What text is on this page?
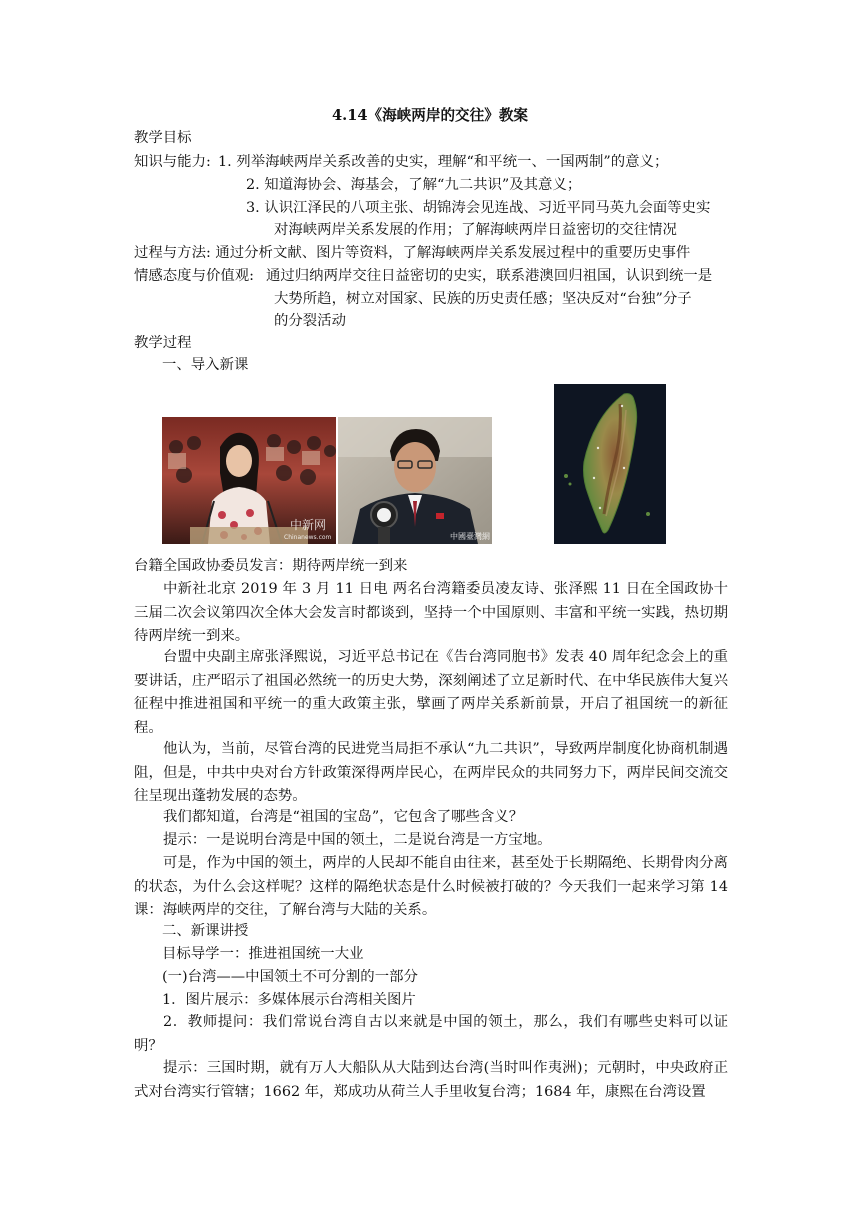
4.14《海峡两岸的交往》教案
教学目标
知识与能力: 1. 列举海峡两岸关系改善的史实，理解“和平统一、一国两制”的意义；
2. 知道海协会、海基会，了解“九二共识”及其意义；
3. 认识江泽民的八项主张、胡锦涛会见连战、习近平同马英九会面等史实
对海峡两岸关系发展的作用；了解海峡两岸日益密切的交往情况
过程与方法: 通过分析文献、图片等资料，了解海峡两岸关系发展过程中的重要历史事件
情感态度与价值观: 通过归纳两岸交往日益密切的史实，联系港澳回归祖国，认识到统一是
大势所趋，树立对国家、民族的历史责任感；坚决反对“台独”分子
的分裂活动
教学过程
一、导入新课
中新网
Chinanews.com	中國臺灣網
台籍全国政协委员发言：期待两岸统一到来
中新社北京 2019 年 3 月 11 日电 两名台湾籍委员凌友诗、张泽熙 11 日在全国政协十三届二次会议第四次全体大会发言时都谈到，坚持一个中国原则、丰富和平统一实践，热切期待两岸统一到来。
台盟中央副主席张泽熙说，习近平总书记在《告台湾同胞书》发表 40 周年纪念会上的重要讲话，庄严昭示了祖国必然统一的历史大势，深刻阐述了立足新时代、在中华民族伟大复兴征程中推进祖国和平统一的重大政策主张，擘画了两岸关系新前景，开启了祖国统一的新征程。
他认为，当前，尽管台湾的民进党当局拒不承认“九二共识”，导致两岸制度化协商机制遇阻，但是，中共中央对台方针政策深得两岸民心，在两岸民众的共同努力下，两岸民间交流交往呈现出蓬勃发展的态势。
我们都知道，台湾是“祖国的宝岛”，它包含了哪些含义？
提示：一是说明台湾是中国的领土，二是说台湾是一方宝地。
可是，作为中国的领土，两岸的人民却不能自由往来，甚至处于长期隔绝、长期骨肉分离的状态，为什么会这样呢？这样的隔绝状态是什么时候被打破的？今天我们一起来学习第 14 课：海峡两岸的交往，了解台湾与大陆的关系。
二、新课讲授
目标导学一：推进祖国统一大业
(一)台湾——中国领土不可分割的一部分
1．图片展示：多媒体展示台湾相关图片
2．教师提问：我们常说台湾自古以来就是中国的领土，那么，我们有哪些史料可以证明？
提示：三国时期，就有万人大船队从大陆到达台湾(当时叫作夷洲)；元朝时，中央政府正式对台湾实行管辖；1662 年，郑成功从荷兰人手里收复台湾；1684 年，康熙在台湾设置
